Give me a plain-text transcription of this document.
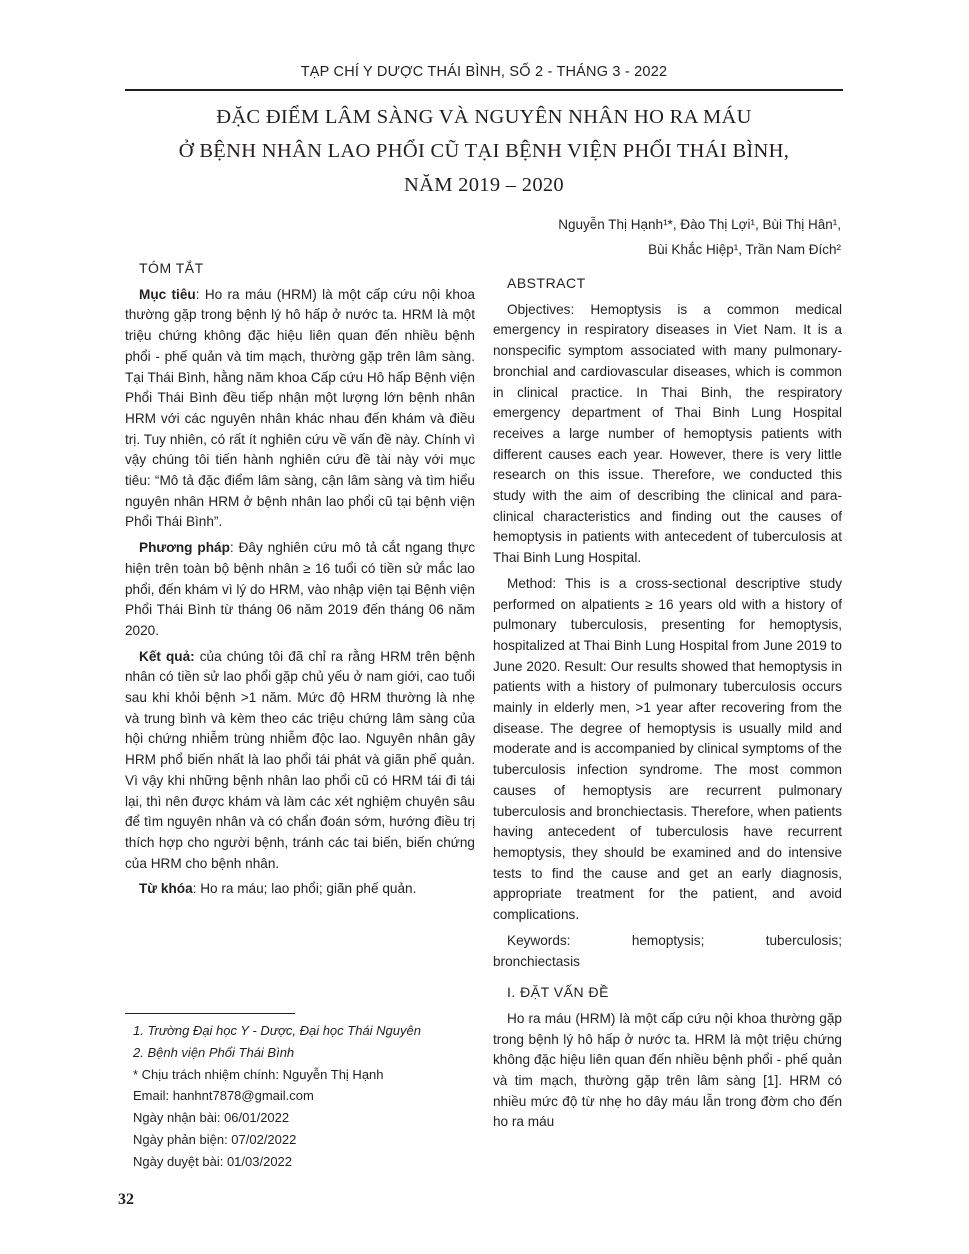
TẠP CHÍ Y DƯỢC THÁI BÌNH, SỐ 2 - THÁNG 3 - 2022
ĐẶC ĐIỂM LÂM SÀNG VÀ NGUYÊN NHÂN HO RA MÁU
Ở BỆNH NHÂN LAO PHỔI CŨ TẠI BỆNH VIỆN PHỔI THÁI BÌNH,
NĂM 2019 – 2020
Nguyễn Thị Hạnh¹*, Đào Thị Lợi¹, Bùi Thị Hân¹,
Bùi Khắc Hiệp¹, Trần Nam Đích²
TÓM TẮT

Mục tiêu: Ho ra máu (HRM) là một cấp cứu nội khoa thường gặp trong bệnh lý hô hấp ở nước ta. HRM là một triệu chứng không đặc hiệu liên quan đến nhiều bệnh phổi - phế quản và tim mạch, thường gặp trên lâm sàng. Tại Thái Bình, hằng năm khoa Cấp cứu Hô hấp Bệnh viện Phổi Thái Bình đều tiếp nhận một lượng lớn bệnh nhân HRM với các nguyên nhân khác nhau đến khám và điều trị. Tuy nhiên, có rất ít nghiên cứu về vấn đề này. Chính vì vậy chúng tôi tiến hành nghiên cứu đề tài này với mục tiêu: “Mô tả đặc điểm lâm sàng, cận lâm sàng và tìm hiểu nguyên nhân HRM ở bệnh nhân lao phổi cũ tại bệnh viện Phổi Thái Bình”.

Phương pháp: Đây nghiên cứu mô tả cắt ngang thực hiện trên toàn bộ bệnh nhân ≥ 16 tuổi có tiền sử mắc lao phổi, đến khám vì lý do HRM, vào nhập viện tại Bệnh viện Phổi Thái Bình từ tháng 06 năm 2019 đến tháng 06 năm 2020.

Kết quả: của chúng tôi đã chỉ ra rằng HRM trên bệnh nhân có tiền sử lao phổi gặp chủ yếu ở nam giới, cao tuổi sau khi khỏi bệnh >1 năm. Mức độ HRM thường là nhẹ và trung bình và kèm theo các triệu chứng lâm sàng của hội chứng nhiễm trùng nhiễm độc lao. Nguyên nhân gây HRM phổ biến nhất là lao phổi tái phát và giãn phế quản. Vì vậy khi những bệnh nhân lao phổi cũ có HRM tái đi tái lại, thì nên được khám và làm các xét nghiệm chuyên sâu để tìm nguyên nhân và có chẩn đoán sớm, hướng điều trị thích hợp cho người bệnh, tránh các tai biến, biến chứng của HRM cho bệnh nhân.

Từ khóa: Ho ra máu; lao phổi; giãn phế quản.

ABSTRACT

Objectives: Hemoptysis is a common medical emergency in respiratory diseases in Viet Nam. It is a nonspecific symptom associated with many pulmonary-bronchial and cardiovascular diseases, which is common in clinical practice. In Thai Binh, the respiratory emergency department of Thai Binh Lung Hospital receives a large number of hemoptysis patients with different causes each year. However, there is very little research on this issue. Therefore, we conducted this study with the aim of describing the clinical and para-clinical characteristics and finding out the causes of hemoptysis in patients with antecedent of tuberculosis at Thai Binh Lung Hospital.

Method: This is a cross-sectional descriptive study performed on alpatients ≥ 16 years old with a history of pulmonary tuberculosis, presenting for hemoptysis, hospitalized at Thai Binh Lung Hospital from June 2019 to June 2020. Result: Our results showed that hemoptysis in patients with a history of pulmonary tuberculosis occurs mainly in elderly men, >1 year after recovering from the disease. The degree of hemoptysis is usually mild and moderate and is accompanied by clinical symptoms of the tuberculosis infection syndrome. The most common causes of hemoptysis are recurrent pulmonary tuberculosis and bronchiectasis. Therefore, when patients having antecedent of tuberculosis have recurrent hemoptysis, they should be examined and do intensive tests to find the cause and get an early diagnosis, appropriate treatment for the patient, and avoid complications.

Keywords:	hemoptysis;	tuberculosis;
bronchiectasis
I. ĐẶT VẤN ĐỀ

Ho ra máu (HRM) là một cấp cứu nội khoa thường gặp trong bệnh lý hô hấp ở nước ta. HRM là một triệu chứng không đặc hiệu liên quan đến nhiều bệnh phổi - phế quản và tim mạch, thường gặp trên lâm sàng [1]. HRM có nhiều mức độ từ nhẹ ho dây máu lẫn trong đờm cho đến ho ra máu

1. Trường Đại học Y - Dược, Đại học Thái Nguyên
2. Bệnh viện Phổi Thái Bình
* Chịu trách nhiệm chính: Nguyễn Thị Hạnh
Email: hanhnt7878@gmail.com
Ngày nhận bài: 06/01/2022
Ngày phản biện: 07/02/2022
Ngày duyệt bài: 01/03/2022
32
